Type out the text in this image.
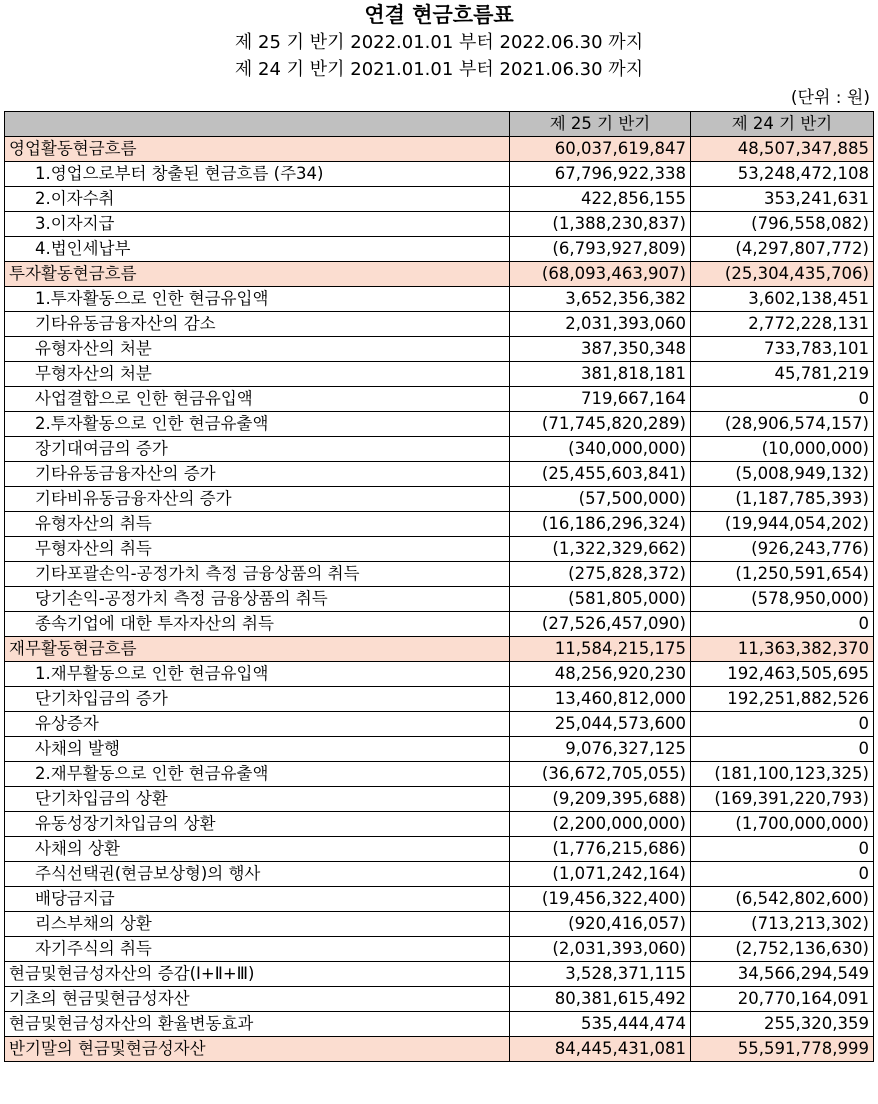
연결 현금흐름표
제 25 기 반기 2022.01.01 부터 2022.06.30 까지
제 24 기 반기 2021.01.01 부터 2021.06.30 까지
(단위 : 원)
	제 25 기 반기	제 24 기 반기
영업활동현금흐름	60,037,619,847	48,507,347,885
1.영업으로부터 창출된 현금흐름 (주34)	67,796,922,338	53,248,472,108
2.이자수취	422,856,155	353,241,631
3.이자지급	(1,388,230,837)	(796,558,082)
4.법인세납부	(6,793,927,809)	(4,297,807,772)
투자활동현금흐름	(68,093,463,907)	(25,304,435,706)
1.투자활동으로 인한 현금유입액	3,652,356,382	3,602,138,451
기타유동금융자산의 감소	2,031,393,060	2,772,228,131
유형자산의 처분	387,350,348	733,783,101
무형자산의 처분	381,818,181	45,781,219
사업결합으로 인한 현금유입액	719,667,164	0
2.투자활동으로 인한 현금유출액	(71,745,820,289)	(28,906,574,157)
장기대여금의 증가	(340,000,000)	(10,000,000)
기타유동금융자산의 증가	(25,455,603,841)	(5,008,949,132)
기타비유동금융자산의 증가	(57,500,000)	(1,187,785,393)
유형자산의 취득	(16,186,296,324)	(19,944,054,202)
무형자산의 취득	(1,322,329,662)	(926,243,776)
기타포괄손익-공정가치 측정 금융상품의 취득	(275,828,372)	(1,250,591,654)
당기손익-공정가치 측정 금융상품의 취득	(581,805,000)	(578,950,000)
종속기업에 대한 투자자산의 취득	(27,526,457,090)	0
재무활동현금흐름	11,584,215,175	11,363,382,370
1.재무활동으로 인한 현금유입액	48,256,920,230	192,463,505,695
단기차입금의 증가	13,460,812,000	192,251,882,526
유상증자	25,044,573,600	0
사채의 발행	9,076,327,125	0
2.재무활동으로 인한 현금유출액	(36,672,705,055)	(181,100,123,325)
단기차입금의 상환	(9,209,395,688)	(169,391,220,793)
유동성장기차입금의 상환	(2,200,000,000)	(1,700,000,000)
사채의 상환	(1,776,215,686)	0
주식선택권(현금보상형)의 행사	(1,071,242,164)	0
배당금지급	(19,456,322,400)	(6,542,802,600)
리스부채의 상환	(920,416,057)	(713,213,302)
자기주식의 취득	(2,031,393,060)	(2,752,136,630)
현금및현금성자산의 증감(Ⅰ+Ⅱ+Ⅲ)	3,528,371,115	34,566,294,549
기초의 현금및현금성자산	80,381,615,492	20,770,164,091
현금및현금성자산의 환율변동효과	535,444,474	255,320,359
반기말의 현금및현금성자산	84,445,431,081	55,591,778,999
